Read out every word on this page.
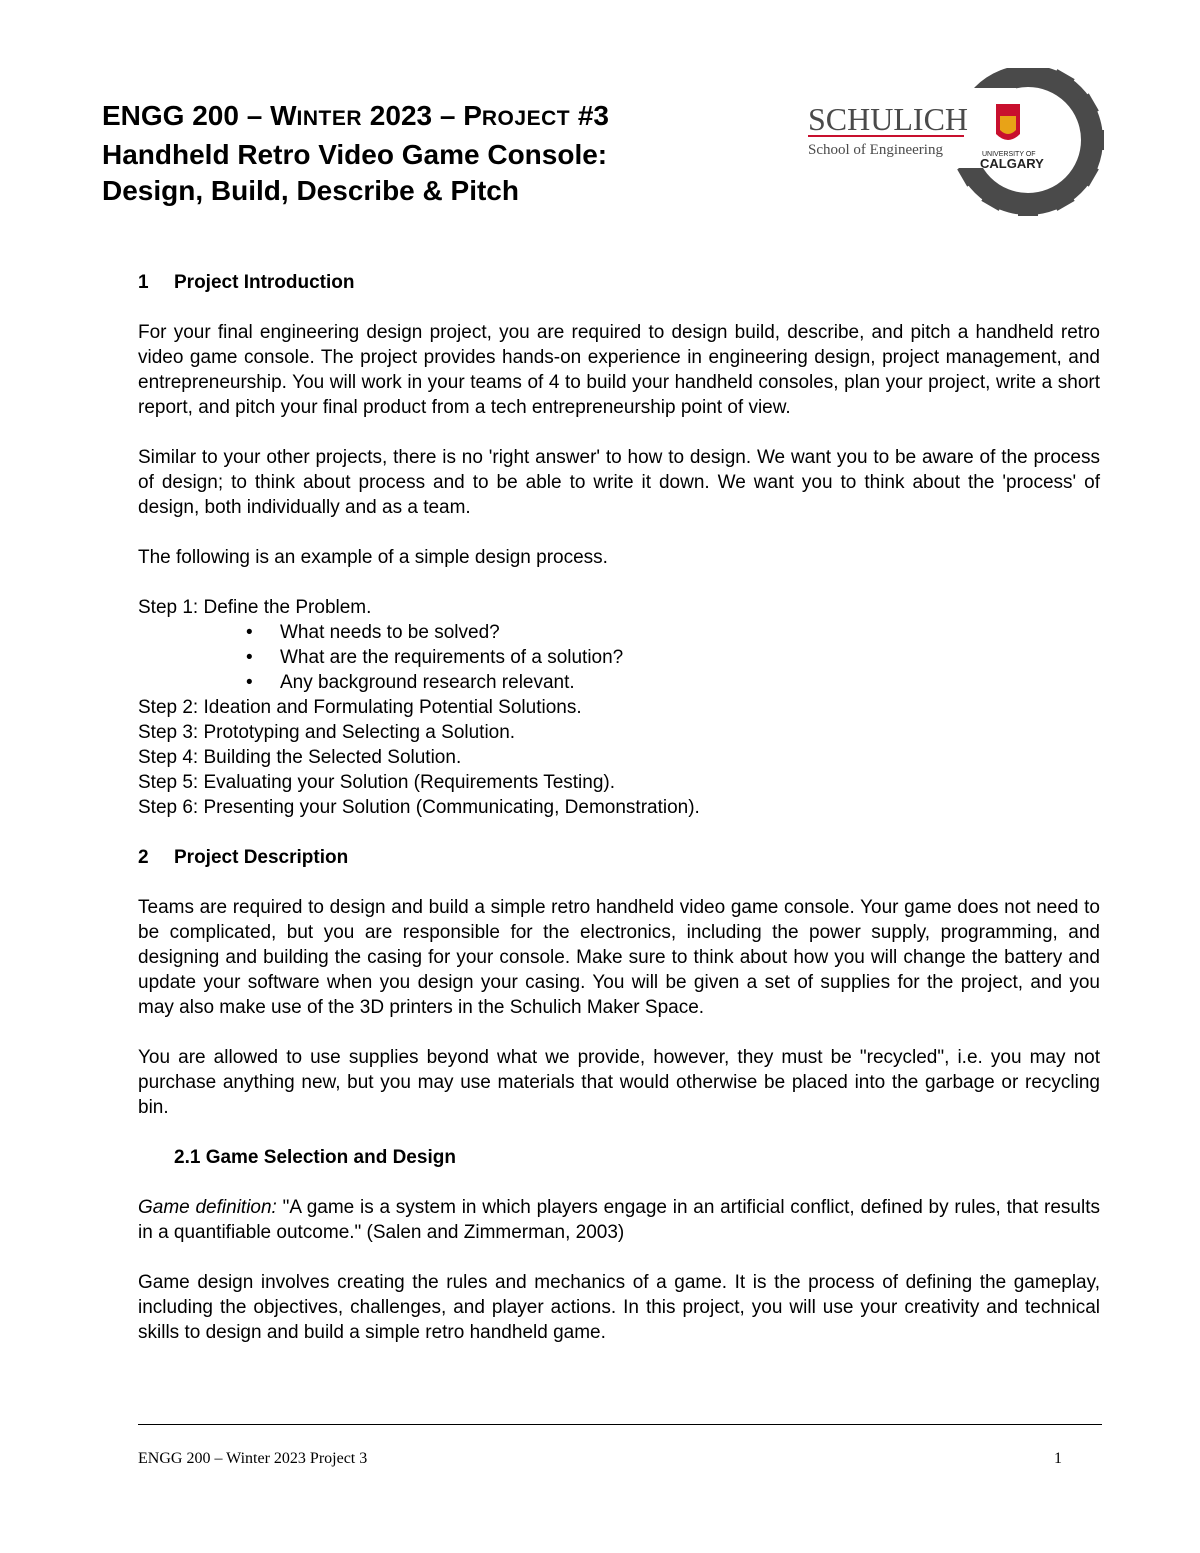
ENGG 200 – WINTER 2023 – PROJECT #3
Handheld Retro Video Game Console:
Design, Build, Describe & Pitch
SCHULICH
School of Engineering	UNIVERSITY OF
CALGARY
1 Project Introduction

For your final engineering design project, you are required to design build, describe, and pitch a handheld retro video game console. The project provides hands-on experience in engineering design, project management, and entrepreneurship. You will work in your teams of 4 to build your handheld consoles, plan your project, write a short report, and pitch your final product from a tech entrepreneurship point of view.

Similar to your other projects, there is no 'right answer' to how to design. We want you to be aware of the process of design; to think about process and to be able to write it down. We want you to think about the 'process' of design, both individually and as a team.

The following is an example of a simple design process.

Step 1: Define the Problem.

• What needs to be solved?
• What are the requirements of a solution?
• Any background research relevant.

Step 2: Ideation and Formulating Potential Solutions.

Step 3: Prototyping and Selecting a Solution.

Step 4: Building the Selected Solution.

Step 5: Evaluating your Solution (Requirements Testing).

Step 6: Presenting your Solution (Communicating, Demonstration).

2 Project Description

Teams are required to design and build a simple retro handheld video game console. Your game does not need to be complicated, but you are responsible for the electronics, including the power supply, programming, and designing and building the casing for your console. Make sure to think about how you will change the battery and update your software when you design your casing. You will be given a set of supplies for the project, and you may also make use of the 3D printers in the Schulich Maker Space.

You are allowed to use supplies beyond what we provide, however, they must be "recycled", i.e. you may not purchase anything new, but you may use materials that would otherwise be placed into the garbage or recycling bin.

2.1 Game Selection and Design

Game definition: "A game is a system in which players engage in an artificial conflict, defined by rules, that results in a quantifiable outcome." (Salen and Zimmerman, 2003)

Game design involves creating the rules and mechanics of a game. It is the process of defining the gameplay, including the objectives, challenges, and player actions. In this project, you will use your creativity and technical skills to design and build a simple retro handheld game.

ENGG 200 – Winter 2023 Project 3	1
